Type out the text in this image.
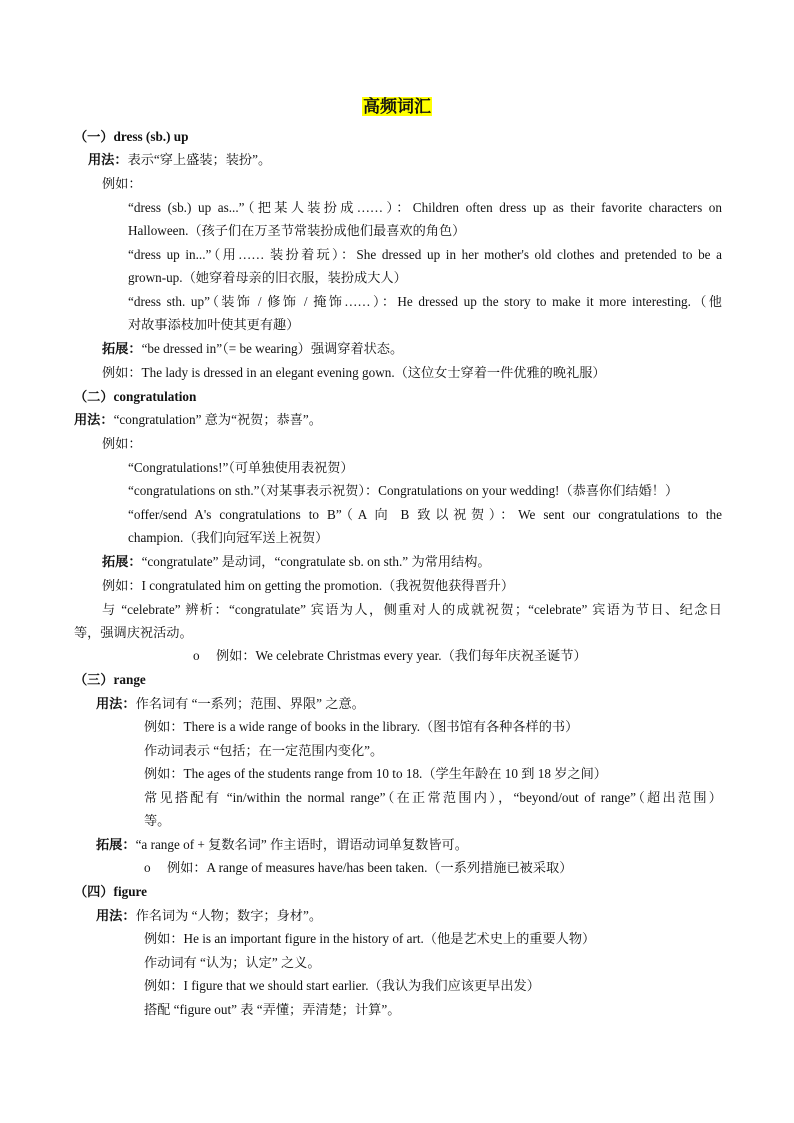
高频词汇
（一）dress (sb.) up
用法：表示“穿上盛装；装扮”。
例如：
“dress (sb.) up as...”（把某人装扮成……）：Children often dress up as their favorite characters on
Halloween.（孩子们在万圣节常装扮成他们最喜欢的角色）
“dress up in...”（用…… 装扮着玩）：She dressed up in her mother's old clothes and pretended to be a
grown-up.（她穿着母亲的旧衣服，装扮成大人）
“dress sth. up”（装饰 / 修饰 / 掩饰……）：He dressed up the story to make it more interesting.（他
对故事添枝加叶使其更有趣）
拓展：“be dressed in”（= be wearing）强调穿着状态。
例如：The lady is dressed in an elegant evening gown.（这位女士穿着一件优雅的晚礼服）
（二）congratulation
用法：“congratulation” 意为“祝贺；恭喜”。
例如：
“Congratulations!”（可单独使用表祝贺）
“congratulations on sth.”（对某事表示祝贺）：Congratulations on your wedding!（恭喜你们结婚！）
“offer/send A's congratulations to B”（A 向 B 致以祝贺）：We sent our congratulations to the
champion.（我们向冠军送上祝贺）
拓展：“congratulate” 是动词，“congratulate sb. on sth.” 为常用结构。
例如：I congratulated him on getting the promotion.（我祝贺他获得晋升）
与 “celebrate” 辨析：“congratulate” 宾语为人，侧重对人的成就祝贺；“celebrate” 宾语为节日、纪念日
等，强调庆祝活动。
o 例如：We celebrate Christmas every year.（我们每年庆祝圣诞节）
（三）range
用法：作名词有 “一系列；范围、界限” 之意。
例如：There is a wide range of books in the library.（图书馆有各种各样的书）
作动词表示 “包括；在一定范围内变化”。
例如：The ages of the students range from 10 to 18.（学生年龄在 10 到 18 岁之间）
常见搭配有 “in/within the normal range”（在正常范围内），“beyond/out of range”（超出范围）
等。
拓展：“a range of + 复数名词” 作主语时，谓语动词单复数皆可。
o 例如：A range of measures have/has been taken.（一系列措施已被采取）
（四）figure
用法：作名词为 “人物；数字；身材”。
例如：He is an important figure in the history of art.（他是艺术史上的重要人物）
作动词有 “认为；认定” 之义。
例如：I figure that we should start earlier.（我认为我们应该更早出发）
搭配 “figure out” 表 “弄懂；弄清楚；计算”。
